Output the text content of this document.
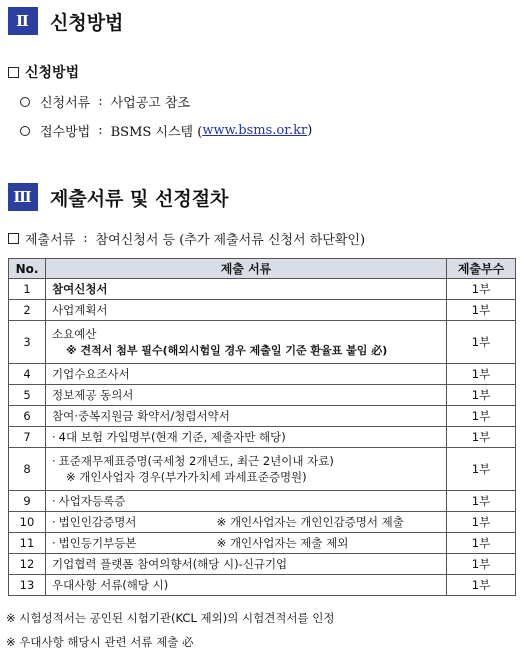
Ⅱ	신청방법
신청방법
신청서류 : 사업공고 참조
접수방법 : BSMS 시스템 ( www.bsms.or.kr )
Ⅲ 제출서류 및 선정절차
제출서류 : 참여신청서 등 (추가 제출서류 신청서 하단확인)
No.	제출 서류	제출부수
1	참여신청서	1부
2	사업계획서	1부
3	소요예산
※ 견적서 첨부 필수(해외시험일 경우 제출일 기준 환율표 붙임 必)	1부
4	기업수요조사서	1부
5	정보제공 동의서	1부
6	참여·중복지원금 확약서/청렴서약서	1부
7	· 4대 보험 가입명부(현재 기준, 제출자만 해당)	1부
8	· 표준재무제표증명(국세청 2개년도, 최근 2년이내 자료)
※ 개인사업자 경우(부가가치세 과세표준증명원)	1부
9	· 사업자등록증	1부
10	· 법인인감증명서 ※ 개인사업자는 개인인감증명서 제출	1부
11	· 법인등기부등본 ※ 개인사업자는 제출 제외	1부
12	기업협력 플랫폼 참여의향서(해당 시)-신규기업	1부
13	우대사항 서류(해당 시)	1부
※ 시험성적서는 공인된 시험기관(KCL 제외)의 시험견적서를 인정
※ 우대사항 해당시 관련 서류 제출 必
